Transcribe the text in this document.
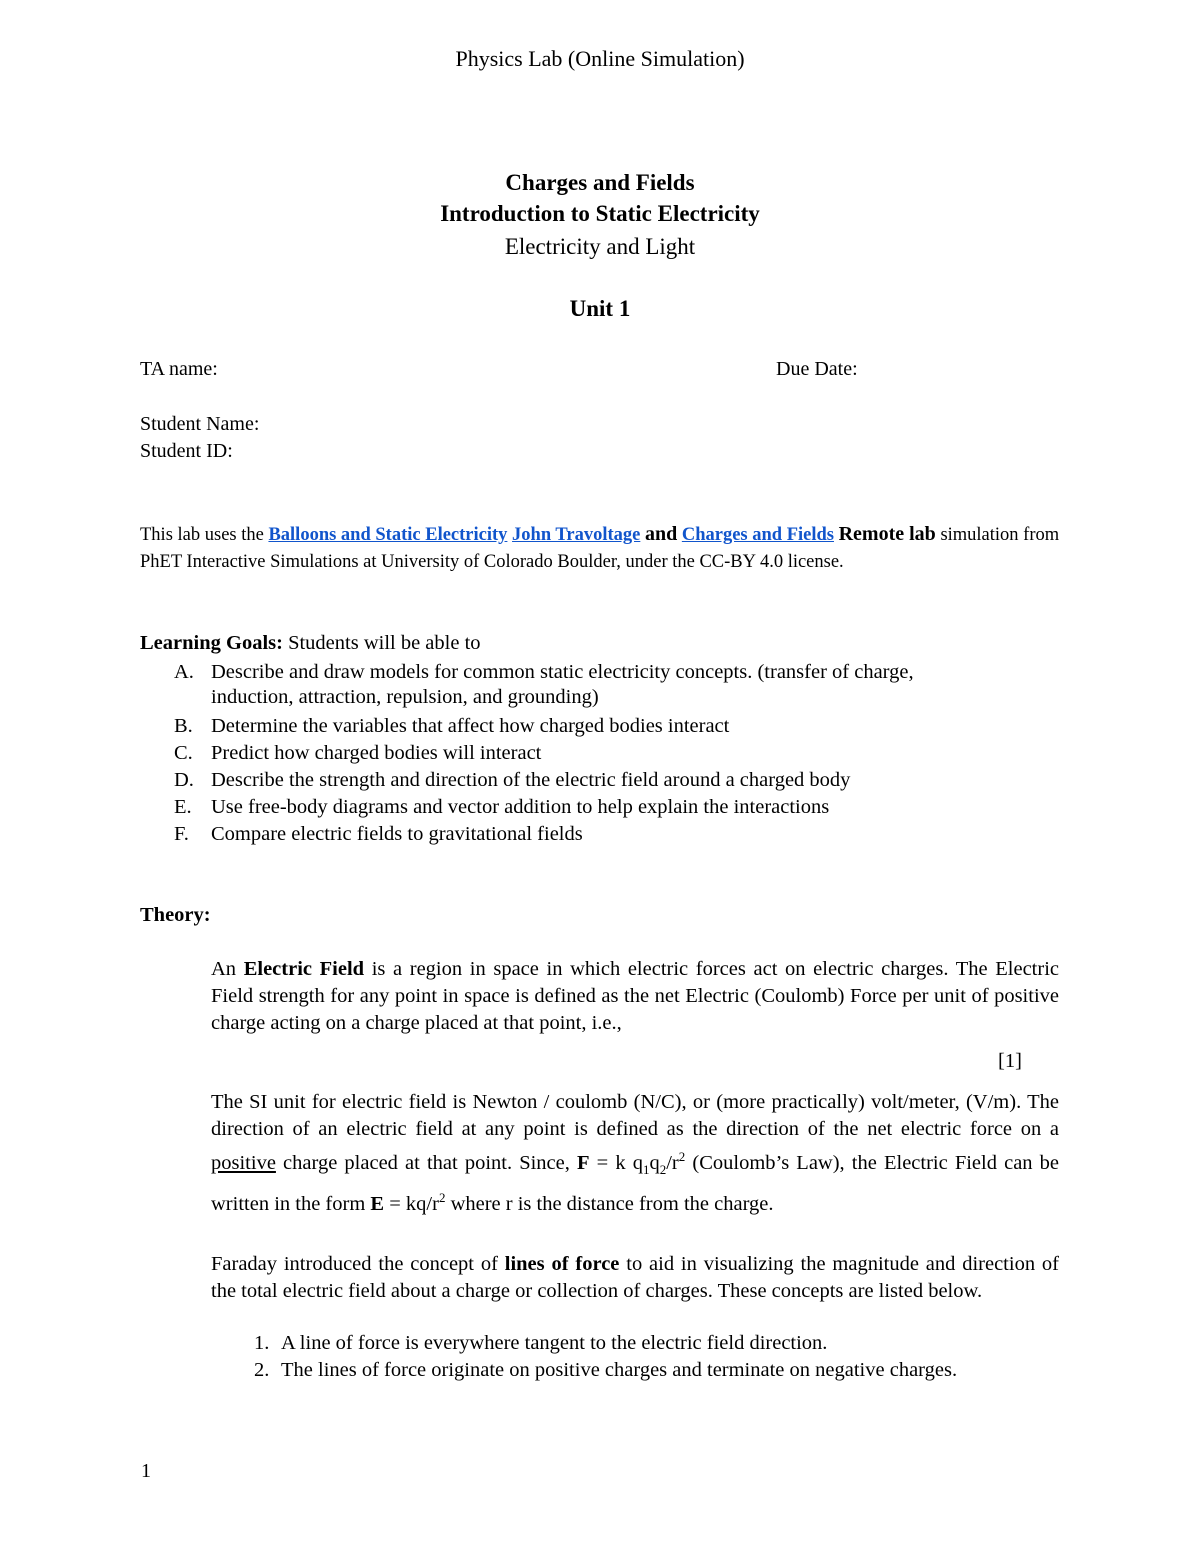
Physics Lab (Online Simulation)
Charges and Fields
Introduction to Static Electricity
Electricity and Light
Unit 1
TA name:	Due Date:
Student Name:
Student ID:
This lab uses the Balloons and Static Electricity John Travoltage and Charges and Fields Remote lab simulation from PhET Interactive Simulations at University of Colorado Boulder, under the CC-BY 4.0 license.
Learning Goals: Students will be able to
A. Describe and draw models for common static electricity concepts. (transfer of charge,
induction, attraction, repulsion, and grounding)
B. Determine the variables that affect how charged bodies interact
C. Predict how charged bodies will interact
D. Describe the strength and direction of the electric field around a charged body
E. Use free-body diagrams and vector addition to help explain the interactions
F. Compare electric fields to gravitational fields
Theory:
An Electric Field is a region in space in which electric forces act on electric charges. The Electric Field strength for any point in space is defined as the net Electric (Coulomb) Force per unit of positive charge acting on a charge placed at that point, i.e.,
[1]
The SI unit for electric field is Newton / coulomb (N/C), or (more practically) volt/meter, (V/m). The direction of an electric field at any point is defined as the direction of the net electric force on a positive charge placed at that point. Since, F = k $q_1q_2/r^2$ (Coulomb’s Law), the Electric Field can be written in the form $E = kq/r^2$ where r is the distance from the charge.
Faraday introduced the concept of lines of force to aid in visualizing the magnitude and direction of the total electric field about a charge or collection of charges. These concepts are listed below.
1. A line of force is everywhere tangent to the electric field direction.
2. The lines of force originate on positive charges and terminate on negative charges.
1
